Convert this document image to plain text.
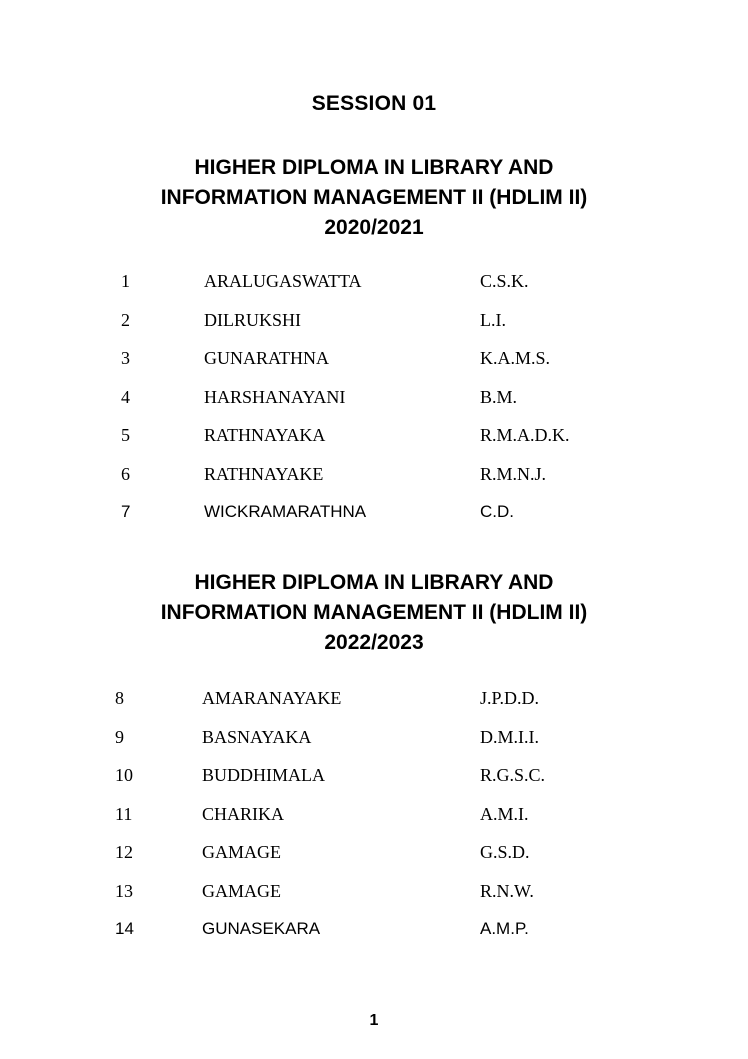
SESSION 01
HIGHER DIPLOMA IN LIBRARY AND
INFORMATION MANAGEMENT II (HDLIM II)
2020/2021
1	ARALUGASWATTA	C.S.K.
2	DILRUKSHI	L.I.
3	GUNARATHNA	K.A.M.S.
4	HARSHANAYANI	B.M.
5	RATHNAYAKA	R.M.A.D.K.
6	RATHNAYAKE	R.M.N.J.
7	WICKRAMARATHNA	C.D.
HIGHER DIPLOMA IN LIBRARY AND
INFORMATION MANAGEMENT II (HDLIM II)
2022/2023
8	AMARANAYAKE	J.P.D.D.
9	BASNAYAKA	D.M.I.I.
10	BUDDHIMALA	R.G.S.C.
11	CHARIKA	A.M.I.
12	GAMAGE	G.S.D.
13	GAMAGE	R.N.W.
14	GUNASEKARA	A.M.P.
1
